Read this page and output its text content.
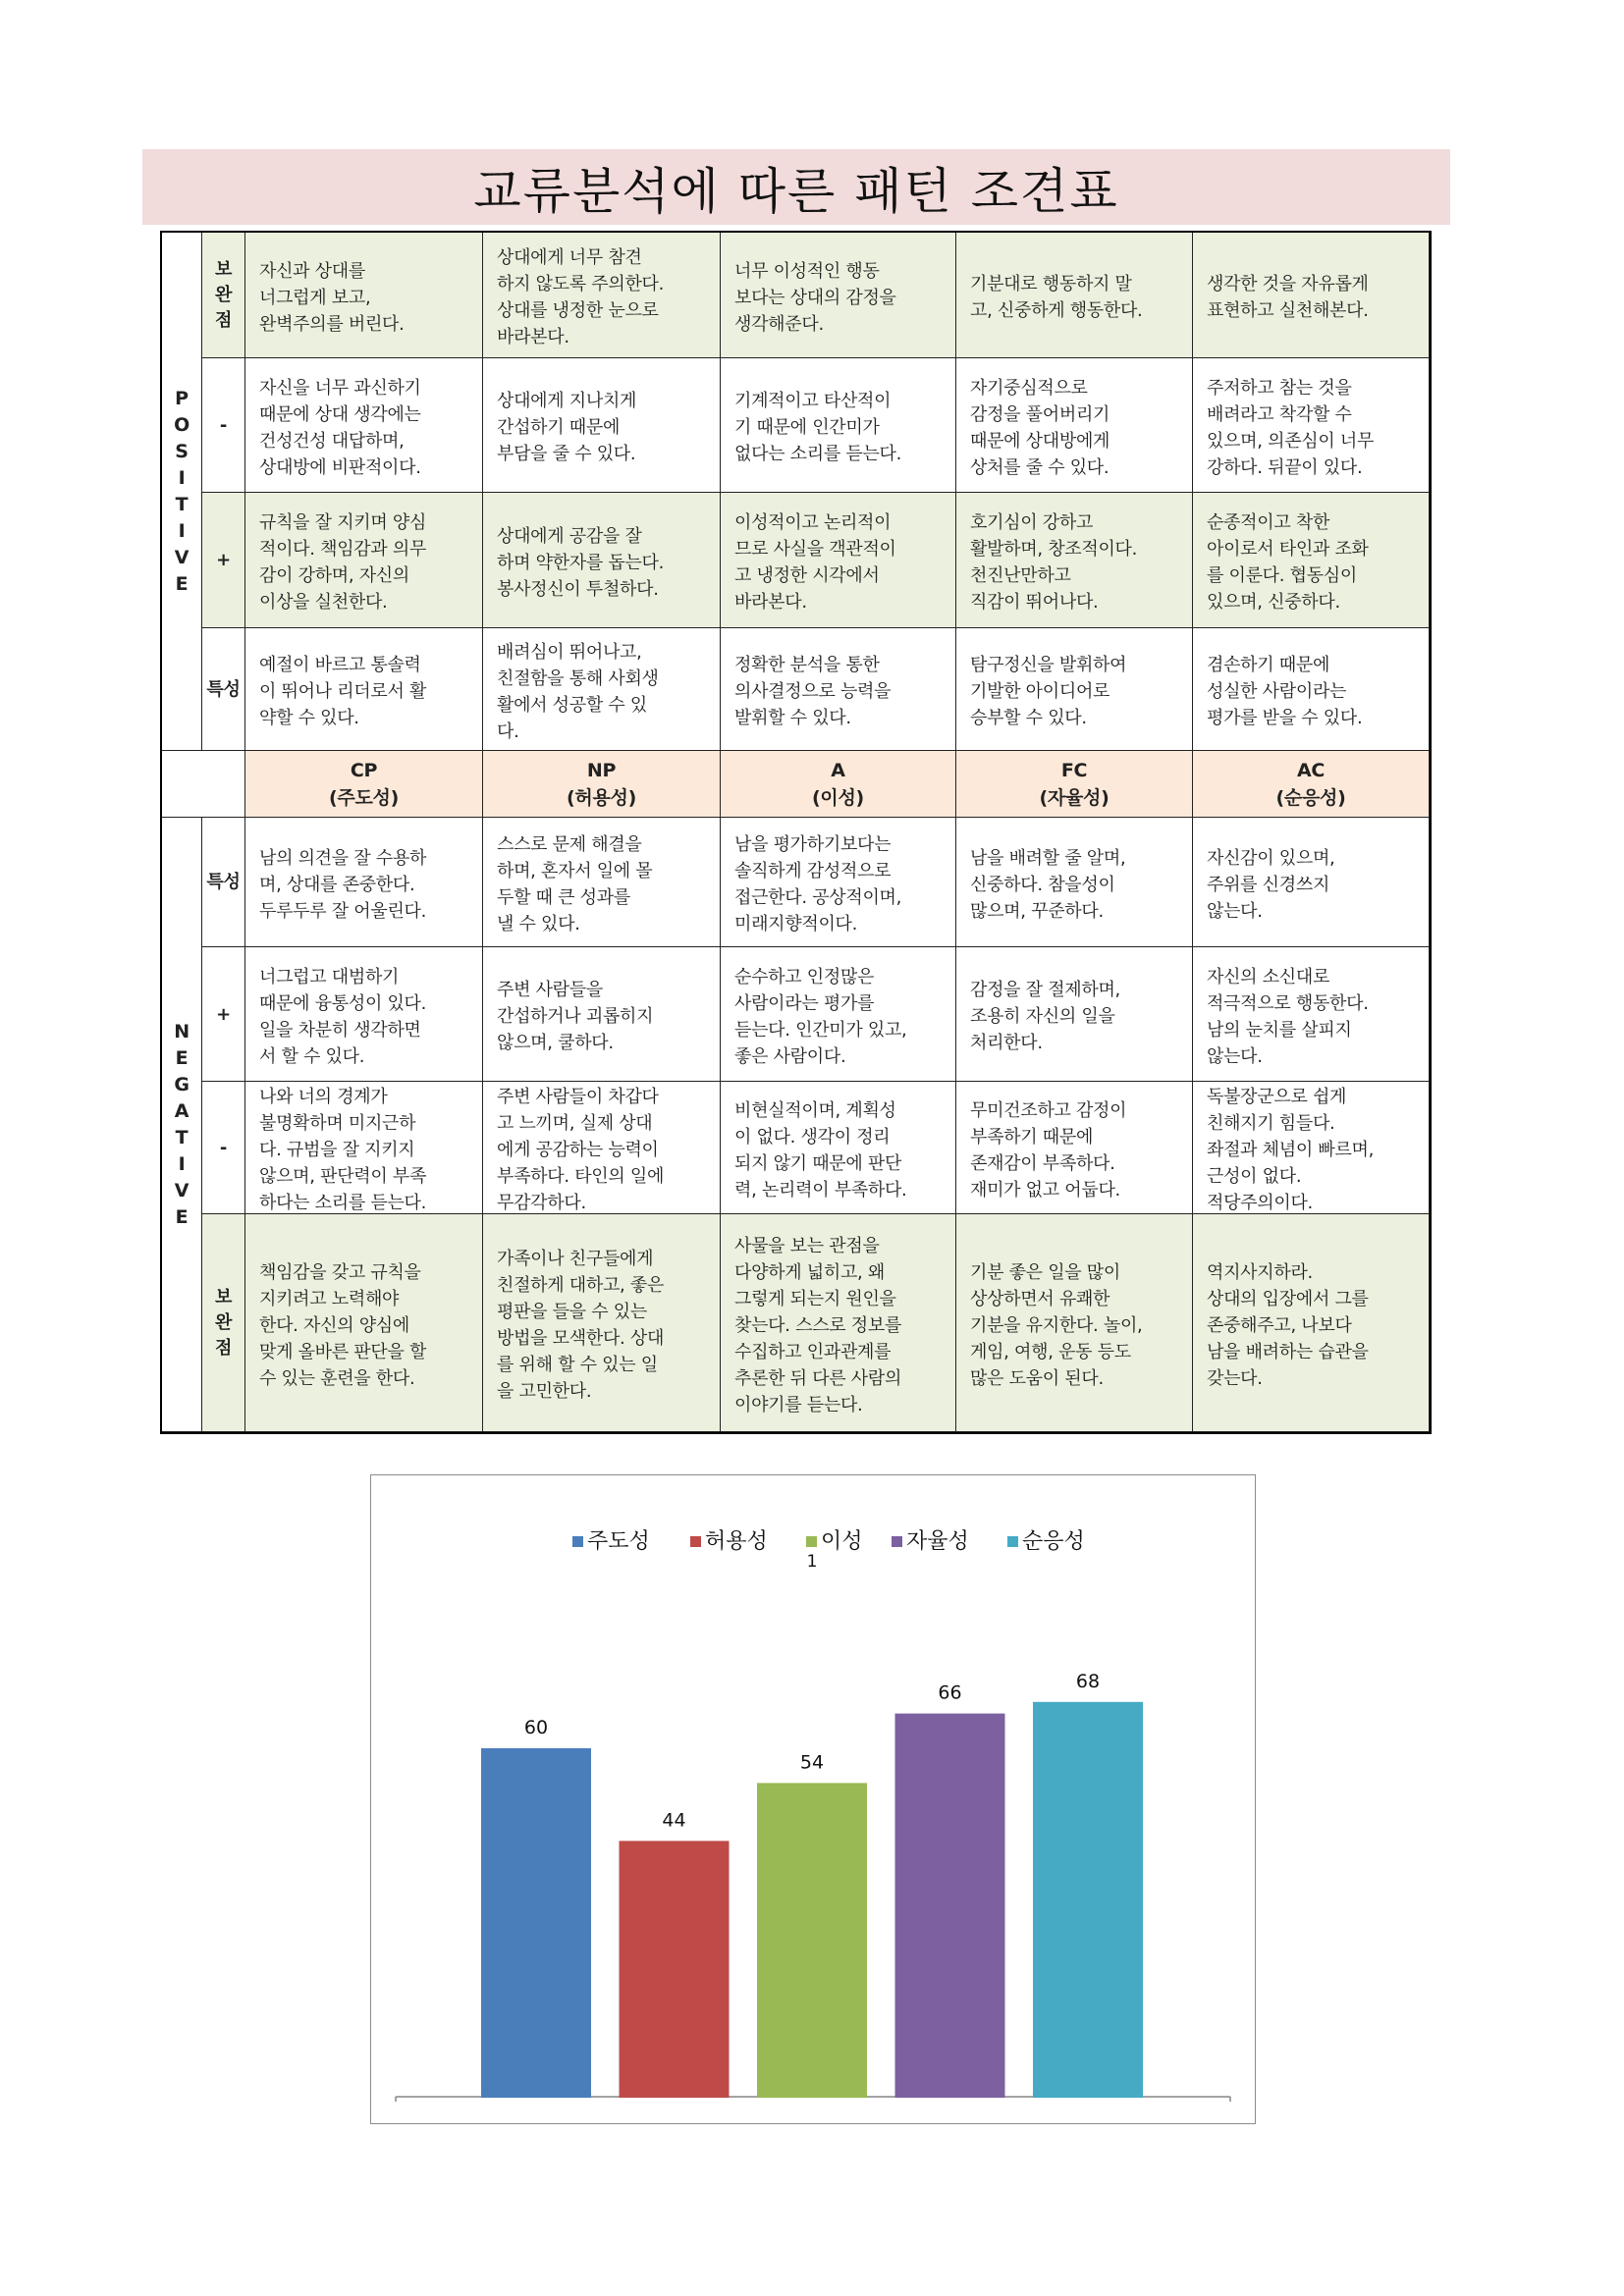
교류분석에 따른 패턴 조견표
P
O
S
I
T
I
V
E
N
E
G
A
T
I
V
E
보
완
점
자신과 상대를
너그럽게 보고,
완벽주의를 버린다.
상대에게 너무 참견
하지 않도록 주의한다.
상대를 냉정한 눈으로
바라본다.
너무 이성적인 행동
보다는 상대의 감정을
생각해준다.
기분대로 행동하지 말
고, 신중하게 행동한다.
생각한 것을 자유롭게
표현하고 실천해본다.
-
자신을 너무 과신하기
때문에 상대 생각에는
건성건성 대답하며,
상대방에 비판적이다.
상대에게 지나치게
간섭하기 때문에
부담을 줄 수 있다.
기계적이고 타산적이
기 때문에 인간미가
없다는 소리를 듣는다.
자기중심적으로
감정을 풀어버리기
때문에 상대방에게
상처를 줄 수 있다.
주저하고 참는 것을
배려라고 착각할 수
있으며, 의존심이 너무
강하다. 뒤끝이 있다.
+
규칙을 잘 지키며 양심
적이다. 책임감과 의무
감이 강하며, 자신의
이상을 실천한다.
상대에게 공감을 잘
하며 약한자를 돕는다.
봉사정신이 투철하다.
이성적이고 논리적이
므로 사실을 객관적이
고 냉정한 시각에서
바라본다.
호기심이 강하고
활발하며, 창조적이다.
천진난만하고
직감이 뛰어나다.
순종적이고 착한
아이로서 타인과 조화
를 이룬다. 협동심이
있으며, 신중하다.
특성
예절이 바르고 통솔력
이 뛰어나 리더로서 활
약할 수 있다.
배려심이 뛰어나고,
친절함을 통해 사회생
활에서 성공할 수 있
다.
정확한 분석을 통한
의사결정으로 능력을
발휘할 수 있다.
탐구정신을 발휘하여
기발한 아이디어로
승부할 수 있다.
겸손하기 때문에
성실한 사람이라는
평가를 받을 수 있다.
CP
(주도성)
NP
(허용성)
A
(이성)
FC
(자율성)
AC
(순응성)
특성
남의 의견을 잘 수용하
며, 상대를 존중한다.
두루두루 잘 어울린다.
스스로 문제 해결을
하며, 혼자서 일에 몰
두할 때 큰 성과를
낼 수 있다.
남을 평가하기보다는
솔직하게 감성적으로
접근한다. 공상적이며,
미래지향적이다.
남을 배려할 줄 알며,
신중하다. 참을성이
많으며, 꾸준하다.
자신감이 있으며,
주위를 신경쓰지
않는다.
+
너그럽고 대범하기
때문에 융통성이 있다.
일을 차분히 생각하면
서 할 수 있다.
주변 사람들을
간섭하거나 괴롭히지
않으며, 쿨하다.
순수하고 인정많은
사람이라는 평가를
듣는다. 인간미가 있고,
좋은 사람이다.
감정을 잘 절제하며,
조용히 자신의 일을
처리한다.
자신의 소신대로
적극적으로 행동한다.
남의 눈치를 살피지
않는다.
-
나와 너의 경계가
불명확하며 미지근하
다. 규범을 잘 지키지
않으며, 판단력이 부족
하다는 소리를 듣는다.
주변 사람들이 차갑다
고 느끼며, 실제 상대
에게 공감하는 능력이
부족하다. 타인의 일에
무감각하다.
비현실적이며, 계획성
이 없다. 생각이 정리
되지 않기 때문에 판단
력, 논리력이 부족하다.
무미건조하고 감정이
부족하기 때문에
존재감이 부족하다.
재미가 없고 어둡다.
독불장군으로 쉽게
친해지기 힘들다.
좌절과 체념이 빠르며,
근성이 없다.
적당주의이다.
보
완
점
책임감을 갖고 규칙을
지키려고 노력해야
한다. 자신의 양심에
맞게 올바른 판단을 할
수 있는 훈련을 한다.
가족이나 친구들에게
친절하게 대하고, 좋은
평판을 들을 수 있는
방법을 모색한다. 상대
를 위해 할 수 있는 일
을 고민한다.
사물을 보는 관점을
다양하게 넓히고, 왜
그렇게 되는지 원인을
찾는다. 스스로 정보를
수집하고 인과관계를
추론한 뒤 다른 사람의
이야기를 듣는다.
기분 좋은 일을 많이
상상하면서 유쾌한
기분을 유지한다. 놀이,
게임, 여행, 운동 등도
많은 도움이 된다.
역지사지하라.
상대의 입장에서 그를
존중해주고, 나보다
남을 배려하는 습관을
갖는다.
60
44
54
66
68
주도성	허용성 이성 자율성 순응성
1
